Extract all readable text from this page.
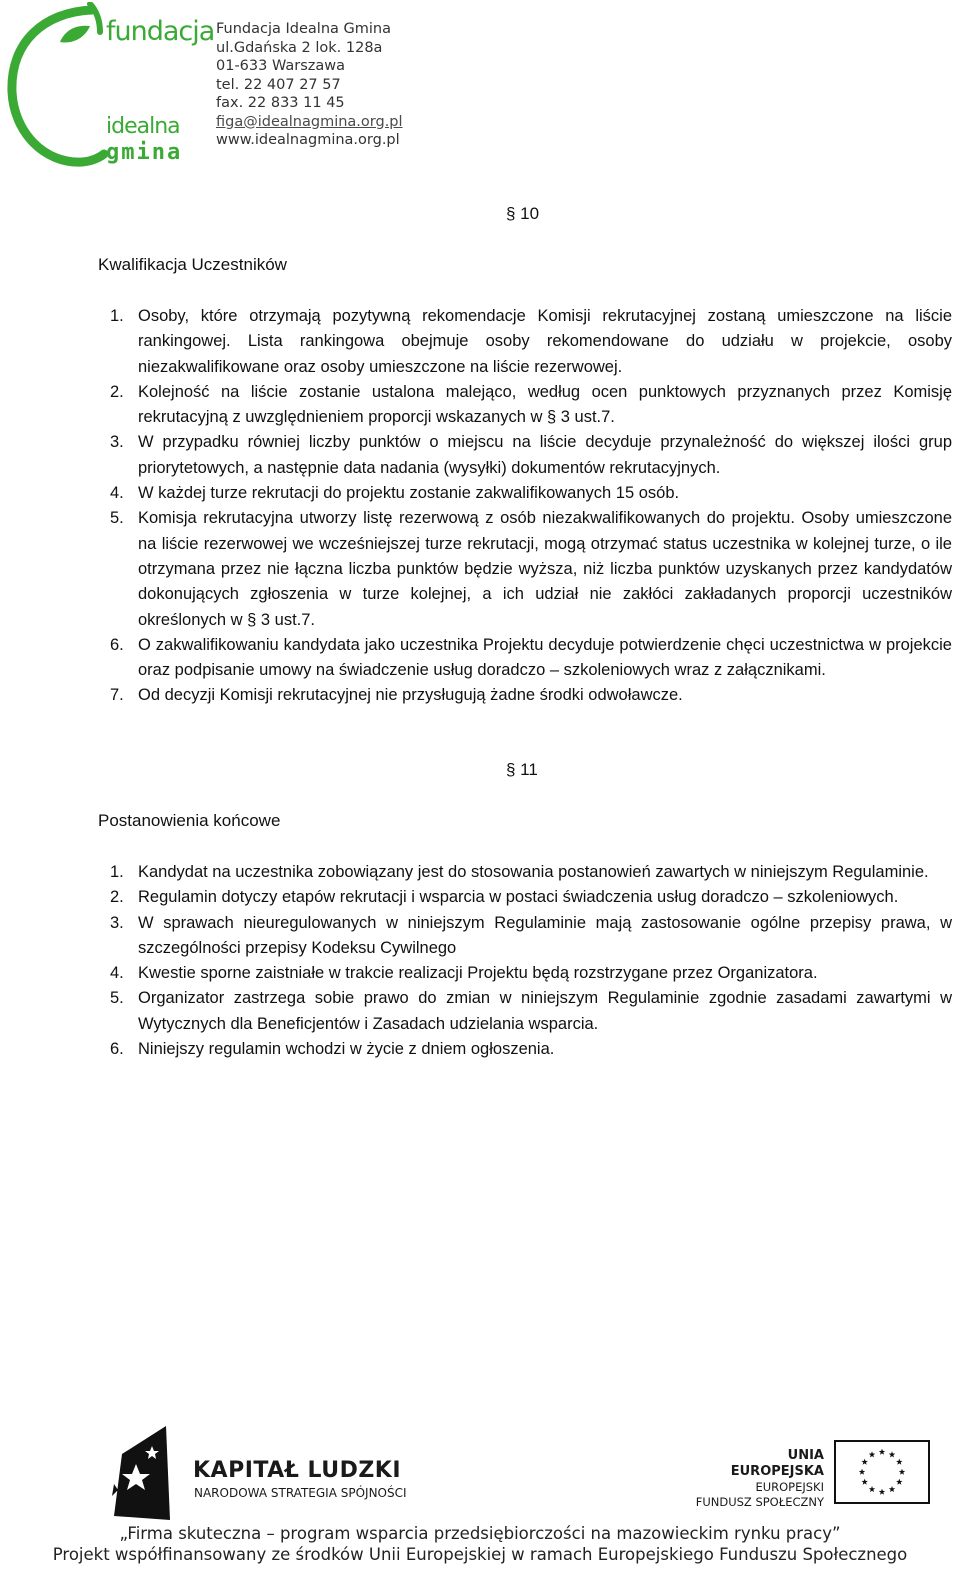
fundacja
idealna
gmina
Fundacja Idealna Gmina
ul.Gdańska 2 lok. 128a
01-633 Warszawa
tel. 22 407 27 57
fax. 22 833 11 45
figa@idealnagmina.org.pl
www.idealnagmina.org.pl
§ 10
Kwalifikacja Uczestników
1. Osoby, które otrzymają pozytywną rekomendacje Komisji rekrutacyjnej zostaną umieszczone na liście rankingowej. Lista rankingowa obejmuje osoby rekomendowane do udziału w projekcie, osoby niezakwalifikowane oraz osoby umieszczone na liście rezerwowej.
2. Kolejność na liście zostanie ustalona malejąco, według ocen punktowych przyznanych przez Komisję rekrutacyjną z uwzględnieniem proporcji wskazanych w § 3 ust.7.
3. W przypadku równiej liczby punktów o miejscu na liście decyduje przynależność do większej ilości grup priorytetowych, a następnie data nadania (wysyłki) dokumentów rekrutacyjnych.
4. W każdej turze rekrutacji do projektu zostanie zakwalifikowanych 15 osób.
5. Komisja rekrutacyjna utworzy listę rezerwową z osób niezakwalifikowanych do projektu. Osoby umieszczone na liście rezerwowej we wcześniejszej turze rekrutacji, mogą otrzymać status uczestnika w kolejnej turze, o ile otrzymana przez nie łączna liczba punktów będzie wyższa, niż liczba punktów uzyskanych przez kandydatów dokonujących zgłoszenia w turze kolejnej, a ich udział nie zakłóci zakładanych proporcji uczestników określonych w § 3 ust.7.
6. O zakwalifikowaniu kandydata jako uczestnika Projektu decyduje potwierdzenie chęci uczestnictwa w projekcie oraz podpisanie umowy na świadczenie usług doradczo – szkoleniowych wraz z załącznikami.
7. Od decyzji Komisji rekrutacyjnej nie przysługują żadne środki odwoławcze.
§ 11
Postanowienia końcowe
1. Kandydat na uczestnika zobowiązany jest do stosowania postanowień zawartych w niniejszym Regulaminie.
2. Regulamin dotyczy etapów rekrutacji i wsparcia w postaci świadczenia usług doradczo – szkoleniowych.
3. W sprawach nieuregulowanych w niniejszym Regulaminie mają zastosowanie ogólne przepisy prawa, w szczególności przepisy Kodeksu Cywilnego
4. Kwestie sporne zaistniałe w trakcie realizacji Projektu będą rozstrzygane przez Organizatora.
5. Organizator zastrzega sobie prawo do zmian w niniejszym Regulaminie zgodnie zasadami zawartymi w Wytycznych dla Beneficjentów i Zasadach udzielania wsparcia.
6. Niniejszy regulamin wchodzi w życie z dniem ogłoszenia.
KAPITAŁ LUDZKI
NARODOWA STRATEGIA SPÓJNOŚCI
UNIA EUROPEJSKA
EUROPEJSKI
FUNDUSZ SPOŁECZNY
„Firma skuteczna – program wsparcia przedsiębiorczości na mazowieckim rynku pracy”
Projekt współfinansowany ze środków Unii Europejskiej w ramach Europejskiego Funduszu Społecznego
